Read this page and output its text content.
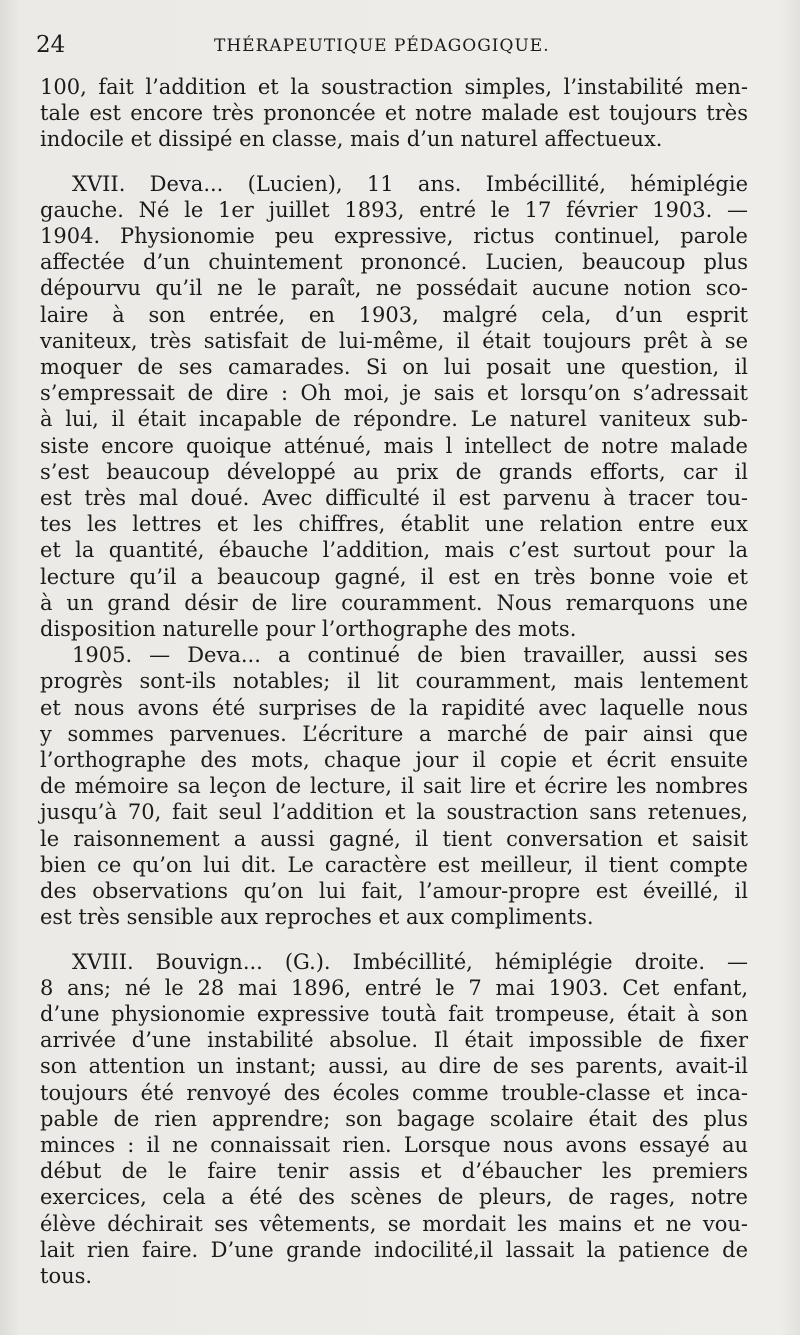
24	THÉRAPEUTIQUE PÉDAGOGIQUE.
100, fait l’addition et la soustraction simples, l’instabilité men-
tale est encore très prononcée et notre malade est toujours très
indocile et dissipé en classe, mais d’un naturel affectueux.
XVII. Deva... (Lucien), 11 ans. Imbécillité, hémiplégie
gauche. Né le 1er juillet 1893, entré le 17 février 1903. —
1904. Physionomie peu expressive, rictus continuel, parole
affectée d’un chuintement prononcé. Lucien, beaucoup plus
dépourvu qu’il ne le paraît, ne possédait aucune notion sco-
laire à son entrée, en 1903, malgré cela, d’un esprit
vaniteux, très satisfait de lui-même, il était toujours prêt à se
moquer de ses camarades. Si on lui posait une question, il
s’empressait de dire : Oh moi, je sais et lorsqu’on s’adressait
à lui, il était incapable de répondre. Le naturel vaniteux sub-
siste encore quoique atténué, mais l intellect de notre malade
s’est beaucoup développé au prix de grands efforts, car il
est très mal doué. Avec difficulté il est parvenu à tracer tou-
tes les lettres et les chiffres, établit une relation entre eux
et la quantité, ébauche l’addition, mais c’est surtout pour la
lecture qu’il a beaucoup gagné, il est en très bonne voie et
à un grand désir de lire couramment. Nous remarquons une
disposition naturelle pour l’orthographe des mots.
1905. — Deva... a continué de bien travailler, aussi ses
progrès sont-ils notables; il lit couramment, mais lentement
et nous avons été surprises de la rapidité avec laquelle nous
y sommes parvenues. L’écriture a marché de pair ainsi que
l’orthographe des mots, chaque jour il copie et écrit ensuite
de mémoire sa leçon de lecture, il sait lire et écrire les nombres
jusqu’à 70, fait seul l’addition et la soustraction sans retenues,
le raisonnement a aussi gagné, il tient conversation et saisit
bien ce qu’on lui dit. Le caractère est meilleur, il tient compte
des observations qu’on lui fait, l’amour-propre est éveillé, il
est très sensible aux reproches et aux compliments.
XVIII. Bouvign... (G.). Imbécillité, hémiplégie droite. —
8 ans; né le 28 mai 1896, entré le 7 mai 1903. Cet enfant,
d’une physionomie expressive toutà fait trompeuse, était à son
arrivée d’une instabilité absolue. Il était impossible de fixer
son attention un instant; aussi, au dire de ses parents, avait-il
toujours été renvoyé des écoles comme trouble-classe et inca-
pable de rien apprendre; son bagage scolaire était des plus
minces : il ne connaissait rien. Lorsque nous avons essayé au
début de le faire tenir assis et d’ébaucher les premiers
exercices, cela a été des scènes de pleurs, de rages, notre
élève déchirait ses vêtements, se mordait les mains et ne vou-
lait rien faire. D’une grande indocilité,il lassait la patience de
tous.
